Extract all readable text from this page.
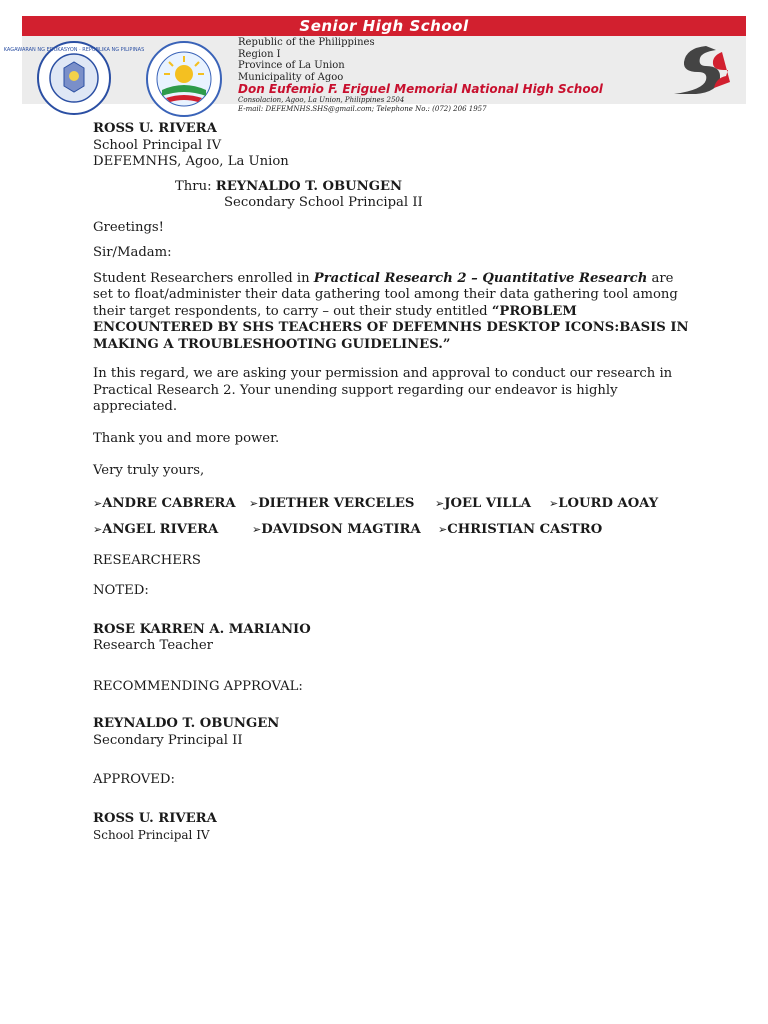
Senior High School
KAGAWARAN NG EDUKASYON · REPUBLIKA NG PILIPINAS
Republic of the Philippines
Region I
Province of La Union
Municipality of Agoo
Don Eufemio F. Eriguel Memorial National High School
Consolacion, Agoo, La Union, Philippines 2504
E-mail: DEFEMNHS.SHS@gmail.com; Telephone No.: (072) 206 1957

ROSS U. RIVERA

School Principal IV

DEFEMNHS, Agoo, La Union

Thru: REYNALDO T. OBUNGEN

Secondary School Principal II

Greetings!

Sir/Madam:

Student Researchers enrolled in Practical Research 2 – Quantitative Research are set to float/administer their data gathering tool among their data gathering tool among their target respondents, to carry – out their study entitled “PROBLEM ENCOUNTERED BY SHS TEACHERS OF DEFEMNHS DESKTOP ICONS:BASIS IN MAKING A TROUBLESHOOTING GUIDELINES.”

In this regard, we are asking your permission and approval to conduct our research in Practical Research 2. Your unending support regarding our endeavor is highly appreciated.

Thank you and more power.

Very truly yours,

➢ANDRE CABRERA	➢DIETHER VERCELES	➢JOEL VILLA	➢LOURD AOAY
➢ANGEL RIVERA	➢DAVIDSON MAGTIRA	➢CHRISTIAN CASTRO

RESEARCHERS

NOTED:

ROSE KARREN A. MARIANIO

Research Teacher

RECOMMENDING APPROVAL:

REYNALDO T. OBUNGEN

Secondary Principal II

APPROVED:

ROSS U. RIVERA

School Principal IV
